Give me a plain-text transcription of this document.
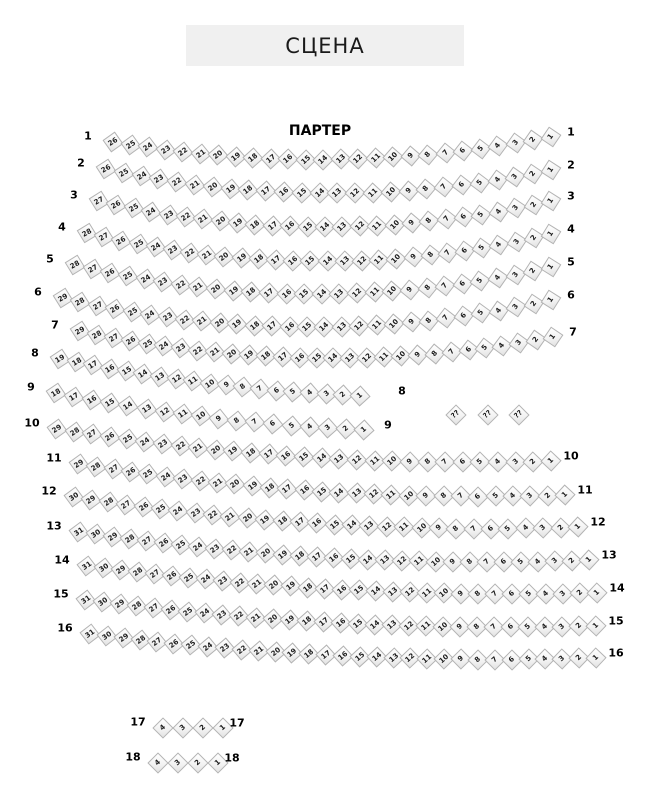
СЦЕНА
ПАРТЕР
26 25 24 23 22 21 20 19 18 17 16 15 14 13 12 11 10 9 8 7 6 5 4 3 2 1
1	1
26 25 24 23 22 21 20 19 18 17 16 15 14 13 12 11 10 9 8 7 6 5 4 3 2 1
2	2
27 26 25 24 23 22 21 20 19 18 17 16 15 14 13 12 11 10 9 8 7 6 5 4 3 2 1
3	3
28 27 26 25 24 23 22 21 20 19 18 17 16 15 14 13 12 11 10 9 8 7 6 5 4 3 2 1
4	4
28 27 26 25 24 23 22 21 20 19 18 17 16 15 14 13 12 11 10 9 8 7 6 5 4 3 2 1
5	5
29 28 27 26 25 24 23 22 21 20 19 18 17 16 15 14 13 12 11 10 9 8 7 6 5 4 3 2 1
6	6
29 28 27 26 25 24 23 22 21 20 19 18 17 16 15 14 13 12 11 10 9 8 7 6 5 4 3 2 1
7
7
19 18 17 16 15 14 13 12 11 10 9 8 7 6 5 4 3 2 1
8
8
18 17 16 15 14 13 12 11 10 9 8 7 6 5 4 3 2 1
9
9
29 28 27 26 25 24 23 22 21 20 19 18 17 16 15 14 13 12 11 10 9 8 7 6 5 4 3 2 1
10
10
29 28 27 26 25 24 23 22 21 20 19 18 17 16 15 14 13 12 11 10 9 8 7 6 5 4 3 2 1
11
11
30 29 28 27 26 25 24 23 22 21 20 19 18 17 16 15 14 13 12 11 10 9 8 7 6 5 4 3 2 1
12
12
31 30 29 28 27 26 25 24 23 22 21 20 19 18 17 16 15 14 13 12 11 10 9 8 7 6 5 4 3 2 1
13
13
31 30 29 28 27 26 25 24 23 22 21 20 19 18 17 16 15 14 13 12 11 10 9 8 7 6 5 4 3 2 1
14
14
31 30 29 28 27 26 25 24 23 22 21 20 19 18 17 16 15 14 13 12 11 10 9 8 7 6 5 4 3 2 1
15
15
31 30 29 28 27 26 25 24 23 22 21 20 19 18 17 16 15 14 13 12 11 10 9 8 7 6 5 4 3 2 1
16
16
4 3 2 1
17	17
4 3 2 1
18	18
??	??	??
